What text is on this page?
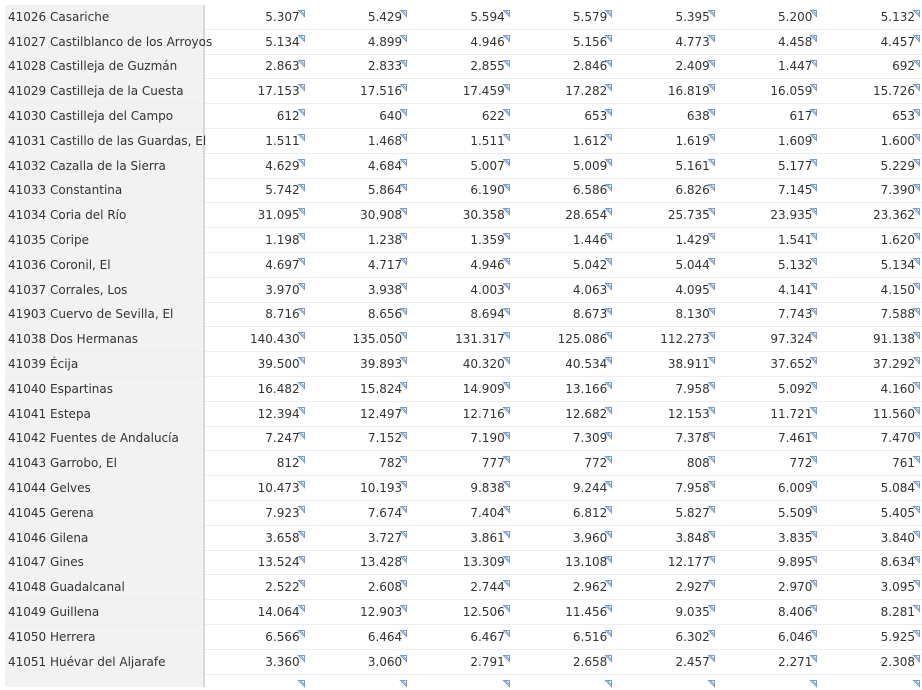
41026 Casariche	5.307	5.429	5.594	5.579	5.395	5.200	5.132

41027 Castilblanco de los Arroyos	5.134	4.899	4.946	5.156	4.773	4.458	4.457

41028 Castilleja de Guzmán	2.863	2.833	2.855	2.846	2.409	1.447	692

41029 Castilleja de la Cuesta	17.153	17.516	17.459	17.282	16.819	16.059	15.726

41030 Castilleja del Campo	612	640	622	653	638	617	653

41031 Castillo de las Guardas, El	1.511	1.468	1.511	1.612	1.619	1.609	1.600

41032 Cazalla de la Sierra	4.629	4.684	5.007	5.009	5.161	5.177	5.229

41033 Constantina	5.742	5.864	6.190	6.586	6.826	7.145	7.390

41034 Coria del Río	31.095	30.908	30.358	28.654	25.735	23.935	23.362

41035 Coripe	1.198	1.238	1.359	1.446	1.429	1.541	1.620

41036 Coronil, El	4.697	4.717	4.946	5.042	5.044	5.132	5.134

41037 Corrales, Los	3.970	3.938	4.003	4.063	4.095	4.141	4.150

41903 Cuervo de Sevilla, El	8.716	8.656	8.694	8.673	8.130	7.743	7.588

41038 Dos Hermanas	140.430	135.050	131.317	125.086	112.273	97.324	91.138

41039 Écija	39.500	39.893	40.320	40.534	38.911	37.652	37.292

41040 Espartinas	16.482	15.824	14.909	13.166	7.958	5.092	4.160

41041 Estepa	12.394	12.497	12.716	12.682	12.153	11.721	11.560

41042 Fuentes de Andalucía	7.247	7.152	7.190	7.309	7.378	7.461	7.470

41043 Garrobo, El	812	782	777	772	808	772	761

41044 Gelves	10.473	10.193	9.838	9.244	7.958	6.009	5.084

41045 Gerena	7.923	7.674	7.404	6.812	5.827	5.509	5.405

41046 Gilena	3.658	3.727	3.861	3.960	3.848	3.835	3.840

41047 Gines	13.524	13.428	13.309	13.108	12.177	9.895	8.634

41048 Guadalcanal	2.522	2.608	2.744	2.962	2.927	2.970	3.095

41049 Guillena	14.064	12.903	12.506	11.456	9.035	8.406	8.281

41050 Herrera	6.566	6.464	6.467	6.516	6.302	6.046	5.925

41051 Huévar del Aljarafe	3.360	3.060	2.791	2.658	2.457	2.271	2.308
